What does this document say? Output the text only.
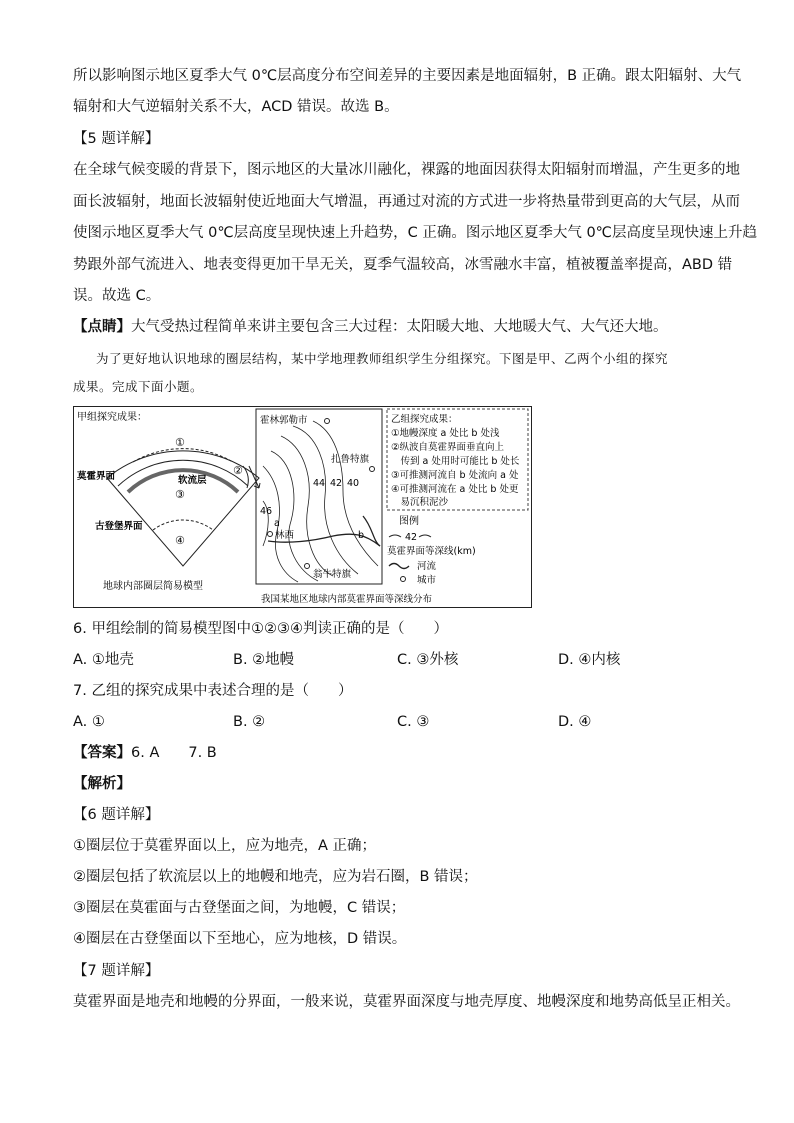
所以影响图示地区夏季大气 0℃层高度分布空间差异的主要因素是地面辐射，B 正确。跟太阳辐射、大气
辐射和大气逆辐射关系不大，ACD 错误。故选 B。
【5 题详解】
在全球气候变暖的背景下，图示地区的大量冰川融化，裸露的地面因获得太阳辐射而增温，产生更多的地
面长波辐射，地面长波辐射使近地面大气增温，再通过对流的方式进一步将热量带到更高的大气层，从而
使图示地区夏季大气 0℃层高度呈现快速上升趋势，C 正确。图示地区夏季大气 0℃层高度呈现快速上升趋
势跟外部气流进入、地表变得更加干旱无关，夏季气温较高，冰雪融水丰富，植被覆盖率提高，ABD 错
误。故选 C。
【点睛】大气受热过程简单来讲主要包含三大过程：太阳暖大地、大地暖大气、大气还大地。
为了更好地认识地球的圈层结构，某中学地理教师组织学生分组探究。下图是甲、乙两个小组的探究
成果。完成下面小题。
甲组探究成果：
①
②
③
④
莫霍界面	软流层
古登堡界面
地球内部圈层简易模型
霍林郭勒市
扎鲁特旗
林西
翁牛特旗
44 42 40
46
a
b
我国某地区地球内部莫霍界面等深线分布
乙组探究成果：
①地幔深度 a 处比 b 处浅
②纵波自莫霍界面垂直向上
　传到 a 处用时可能比 b 处长
③可推测河流自 b 处流向 a 处
④可推测河流在 a 处比 b 处更
　易沉积泥沙
图例
42
莫霍界面等深线(km)
河流
城市
6. 甲组绘制的简易模型图中①②③④判读正确的是（　　）
A. ①地壳	B. ②地幔	C. ③外核	D. ④内核
7. 乙组的探究成果中表述合理的是（　　）
A. ①	B. ②	C. ③	D. ④
【答案】6. A　　7. B
【解析】
【6 题详解】
①圈层位于莫霍界面以上，应为地壳，A 正确；
②圈层包括了软流层以上的地幔和地壳，应为岩石圈，B 错误；
③圈层在莫霍面与古登堡面之间，为地幔，C 错误；
④圈层在古登堡面以下至地心，应为地核，D 错误。
【7 题详解】
莫霍界面是地壳和地幔的分界面，一般来说，莫霍界面深度与地壳厚度、地幔深度和地势高低呈正相关。
